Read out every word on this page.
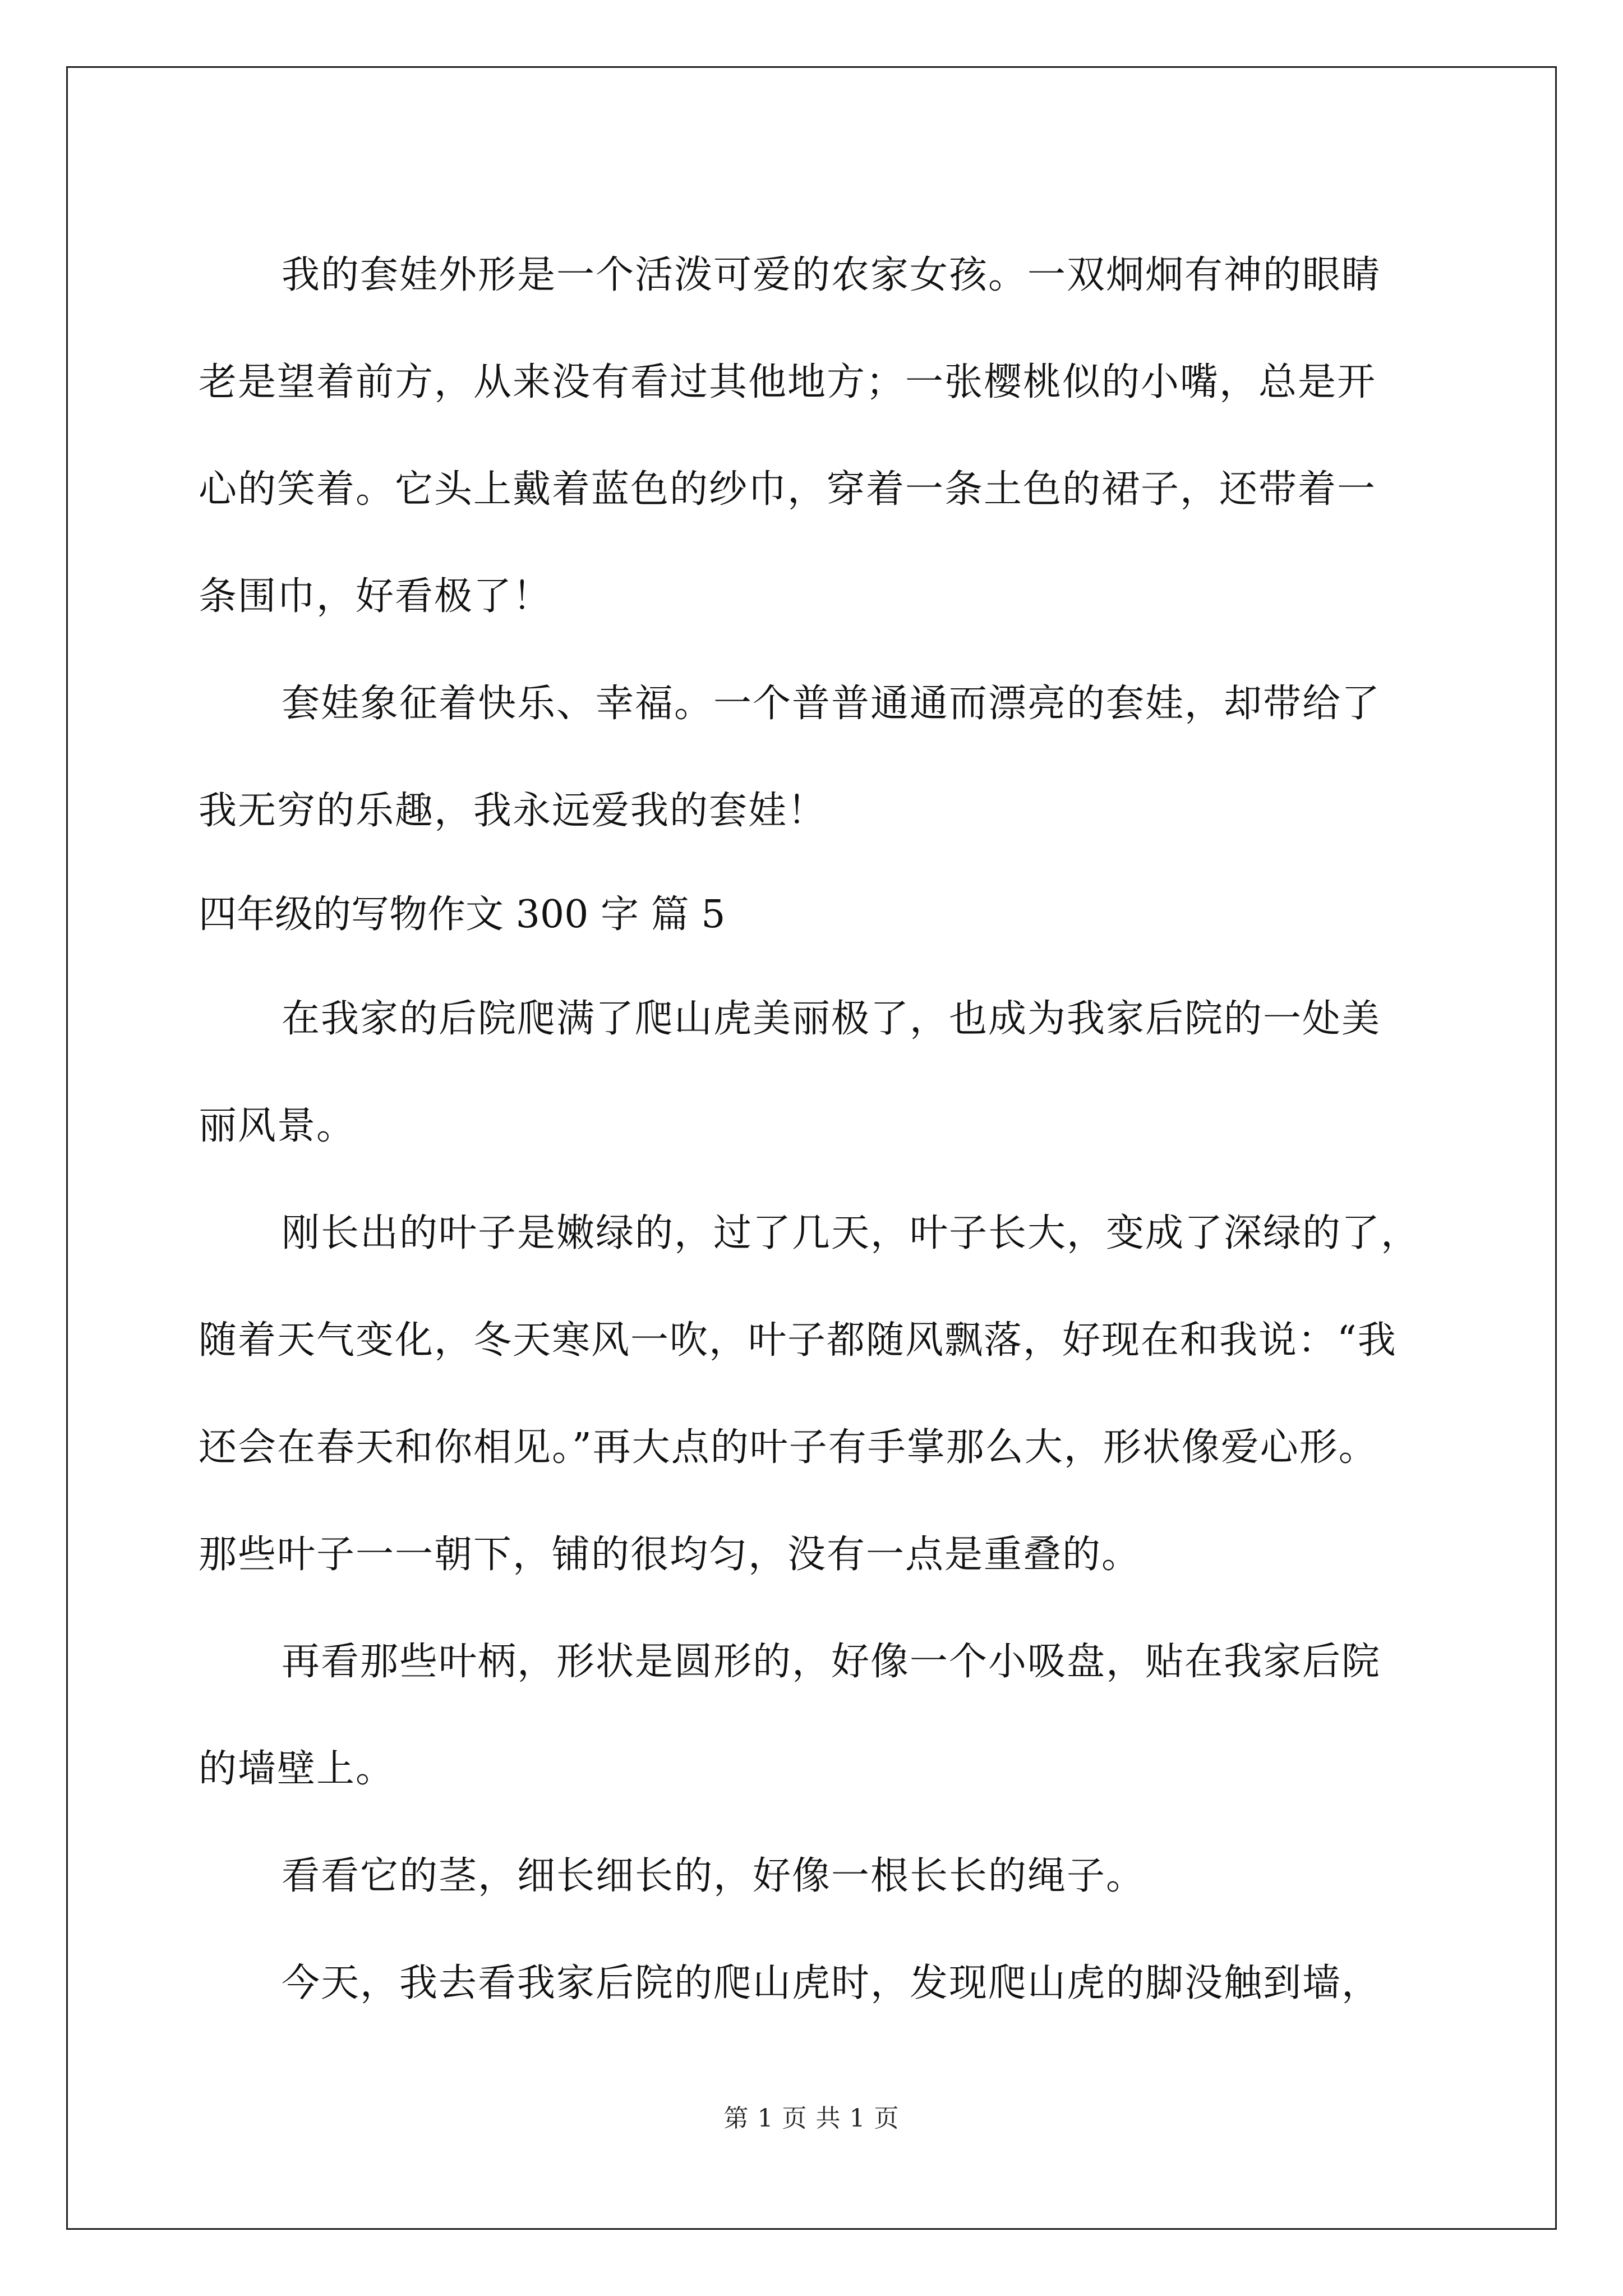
我的套娃外形是一个活泼可爱的农家女孩。一双炯炯有神的眼睛
老是望着前方，从来没有看过其他地方；一张樱桃似的小嘴，总是开
心的笑着。它头上戴着蓝色的纱巾，穿着一条土色的裙子，还带着一
条围巾，好看极了！
套娃象征着快乐、幸福。一个普普通通而漂亮的套娃，却带给了
我无穷的乐趣，我永远爱我的套娃！
四年级的写物作文 300 字 篇 5
在我家的后院爬满了爬山虎美丽极了，也成为我家后院的一处美
丽风景。
刚长出的叶子是嫩绿的，过了几天，叶子长大，变成了深绿的了，
随着天气变化，冬天寒风一吹，叶子都随风飘落，好现在和我说：“我
还会在春天和你相见。”再大点的叶子有手掌那么大，形状像爱心形。
那些叶子一一朝下，铺的很均匀，没有一点是重叠的。
再看那些叶柄，形状是圆形的，好像一个小吸盘，贴在我家后院
的墙壁上。
看看它的茎，细长细长的，好像一根长长的绳子。
今天，我去看我家后院的爬山虎时，发现爬山虎的脚没触到墙，
第 1 页 共 1 页
